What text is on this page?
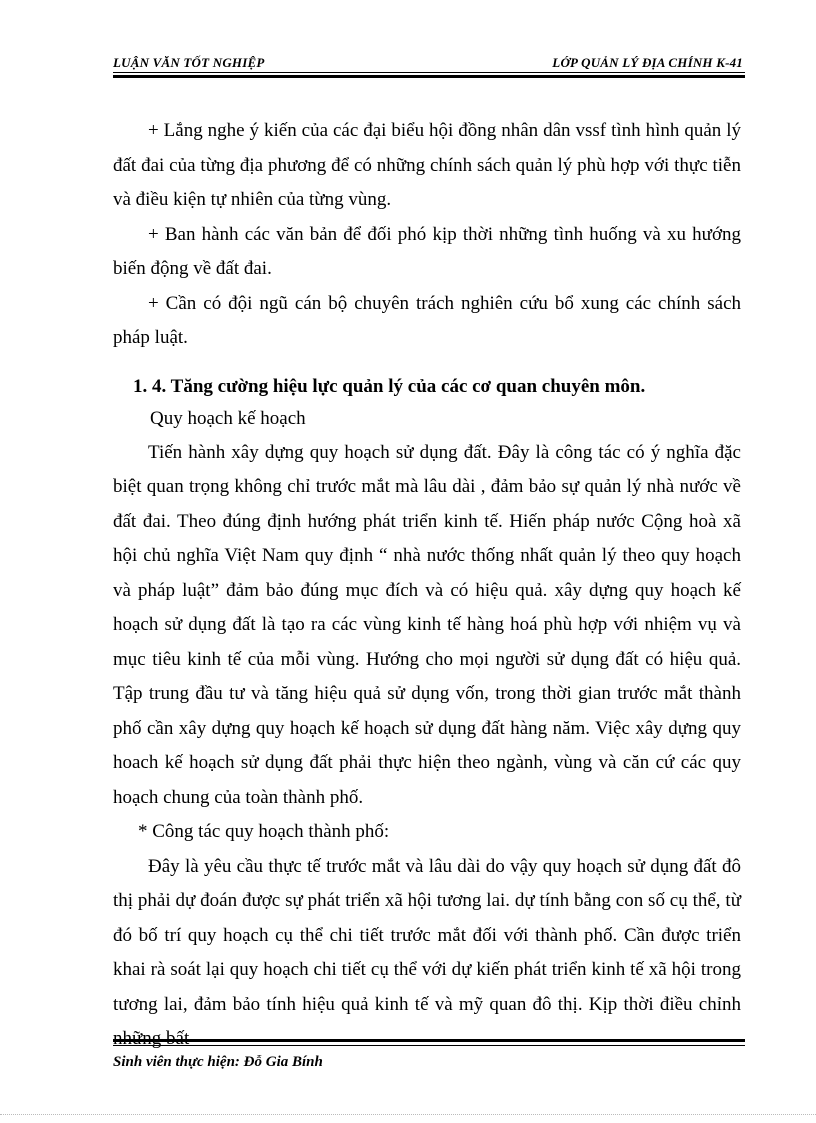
LUẬN VĂN TỐT NGHIỆP	LỚP QUẢN LÝ ĐỊA CHÍNH K-41

+ Lắng nghe ý kiến của các đại biểu hội đồng nhân dân vssf tình hình quản lý đất đai của từng địa phương để có những chính sách quản lý phù hợp với thực tiễn và điều kiện tự nhiên của từng vùng.

+ Ban hành các văn bản để đối phó kịp thời những tình huống và xu hướng biến động về đất đai.

+ Cần có đội ngũ cán bộ chuyên trách nghiên cứu bổ xung các chính sách pháp luật.

1. 4. Tăng cường hiệu lực quản lý của các cơ quan chuyên môn.

Quy hoạch kế hoạch

Tiến hành xây dựng quy hoạch sử dụng đất. Đây là công tác có ý nghĩa đặc biệt quan trọng không chỉ trước mắt mà lâu dài , đảm bảo sự quản lý nhà nước về đất đai. Theo đúng định hướng phát triển kinh tế. Hiến pháp nước Cộng hoà xã hội chủ nghĩa Việt Nam quy định “ nhà nước thống nhất quản lý theo quy hoạch và pháp luật” đảm bảo đúng mục đích và có hiệu quả. xây dựng quy hoạch kế hoạch sử dụng đất là tạo ra các vùng kinh tế hàng hoá phù hợp với nhiệm vụ và mục tiêu kinh tế của mỗi vùng. Hướng cho mọi người sử dụng đất có hiệu quả. Tập trung đầu tư và tăng hiệu quả sử dụng vốn, trong thời gian trước mắt thành phố cần xây dựng quy hoạch kế hoạch sử dụng đất hàng năm. Việc xây dựng quy hoach kế hoạch sử dụng đất phải thực hiện theo ngành, vùng và căn cứ các quy hoạch chung của toàn thành phố.

* Công tác quy hoạch thành phố:

Đây là yêu cầu thực tế trước mắt và lâu dài do vậy quy hoạch sử dụng đất đô thị phải dự đoán được sự phát triển xã hội tương lai. dự tính bằng con số cụ thể, từ đó bố trí quy hoạch cụ thể chi tiết trước mắt đối với thành phố. Cần được triển khai rà soát lại quy hoạch chi tiết cụ thể với dự kiến phát triển kinh tế xã hội trong tương lai, đảm bảo tính hiệu quả kinh tế và mỹ quan đô thị. Kịp thời điều chỉnh

Sinh viên thực hiện: Đỗ Gia Bính
